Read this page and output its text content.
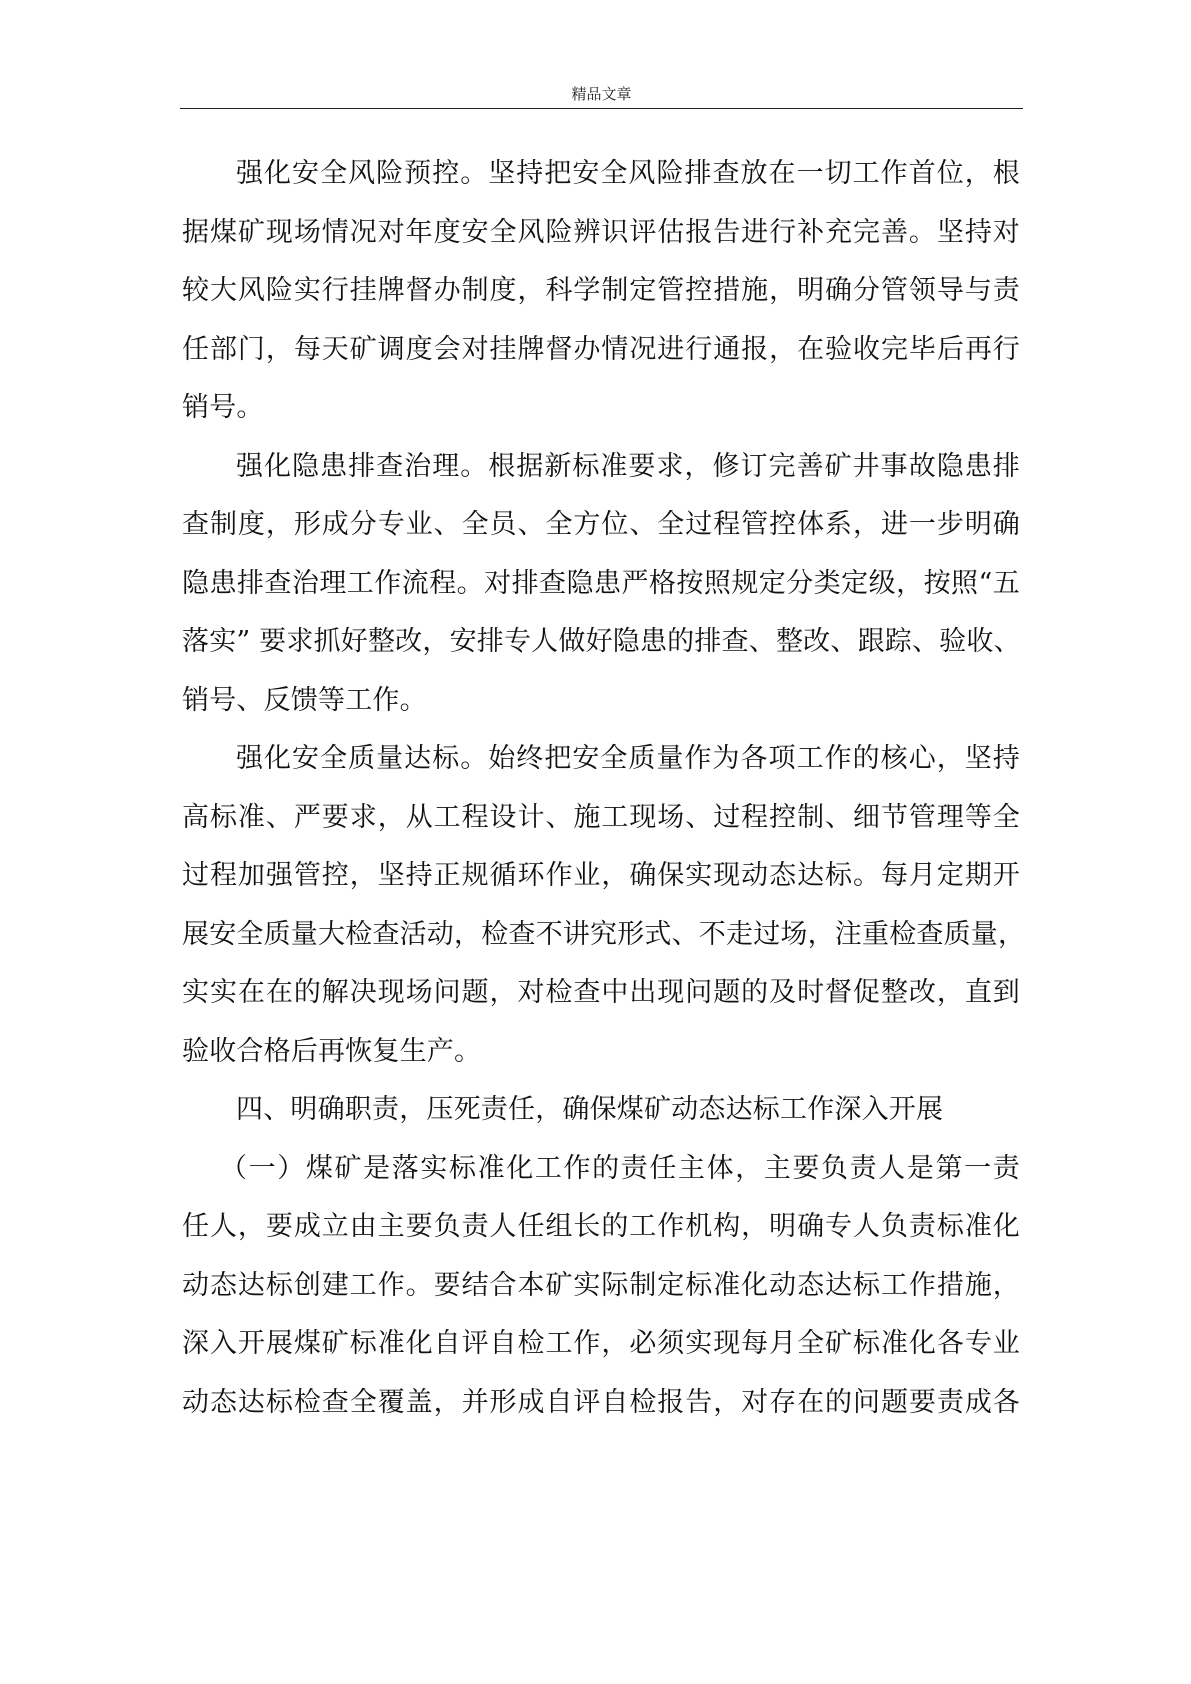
精品文章
强化安全风险预控。坚持把安全风险排查放在一切工作首位，根
据煤矿现场情况对年度安全风险辨识评估报告进行补充完善。坚持对
较大风险实行挂牌督办制度，科学制定管控措施，明确分管领导与责
任部门，每天矿调度会对挂牌督办情况进行通报，在验收完毕后再行
销号。
强化隐患排查治理。根据新标准要求，修订完善矿井事故隐患排
查制度，形成分专业、全员、全方位、全过程管控体系，进一步明确
隐患排查治理工作流程。对排查隐患严格按照规定分类定级，按照“五
落实” 要求抓好整改，安排专人做好隐患的排查、整改、跟踪、验收、
销号、反馈等工作。
强化安全质量达标。始终把安全质量作为各项工作的核心，坚持
高标准、严要求，从工程设计、施工现场、过程控制、细节管理等全
过程加强管控，坚持正规循环作业，确保实现动态达标。每月定期开
展安全质量大检查活动，检查不讲究形式、不走过场，注重检查质量，
实实在在的解决现场问题，对检查中出现问题的及时督促整改，直到
验收合格后再恢复生产。
四、明确职责，压死责任，确保煤矿动态达标工作深入开展
（一）煤矿是落实标准化工作的责任主体，主要负责人是第一责
任人，要成立由主要负责人任组长的工作机构，明确专人负责标准化
动态达标创建工作。要结合本矿实际制定标准化动态达标工作措施，
深入开展煤矿标准化自评自检工作，必须实现每月全矿标准化各专业
动态达标检查全覆盖，并形成自评自检报告，对存在的问题要责成各
